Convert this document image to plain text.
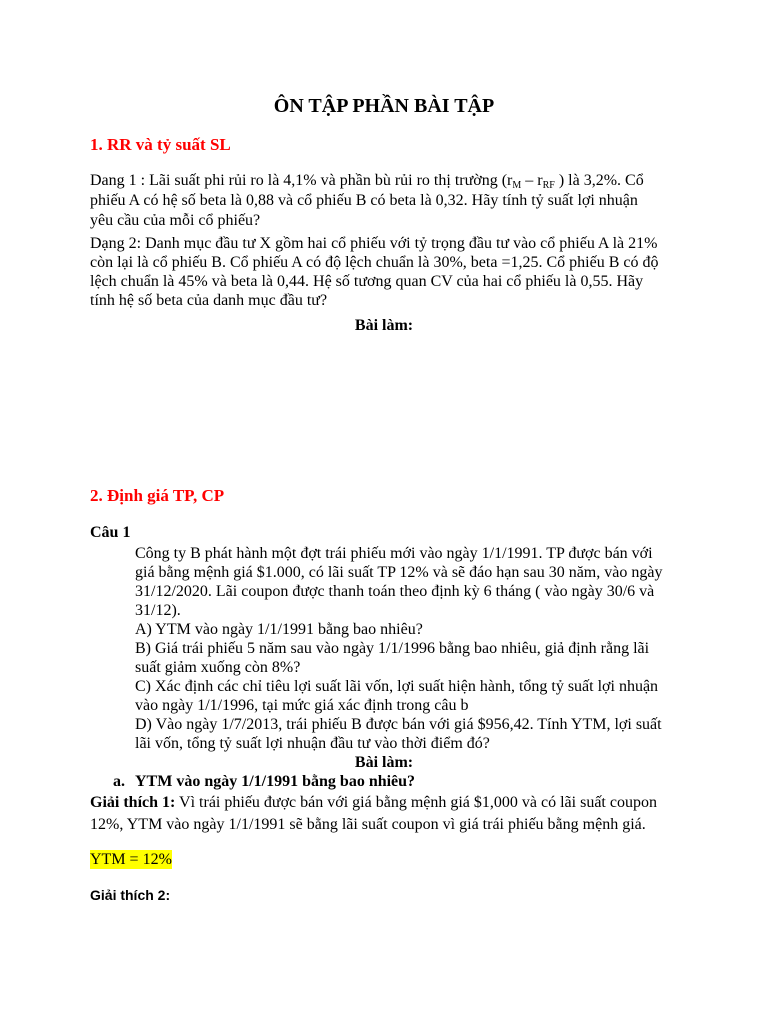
ÔN TẬP PHẦN BÀI TẬP
1. RR và tỷ suất SL
Dang 1 : Lãi suất phi rủi ro là 4,1% và phần bù rủi ro thị trường ($r_M - r_{RF}$ ) là 3,2%. Cổ
phiếu A có hệ số beta là 0,88 và cổ phiếu B có beta là 0,32. Hãy tính tỷ suất lợi nhuận
yêu cầu của mỗi cổ phiếu?
Dạng 2: Danh mục đầu tư X gồm hai cổ phiếu với tỷ trọng đầu tư vào cổ phiếu A là 21%
còn lại là cổ phiếu B. Cổ phiếu A có độ lệch chuẩn là 30%, beta =1,25. Cổ phiếu B có độ
lệch chuẩn là 45% và beta là 0,44. Hệ số tương quan CV của hai cổ phiếu là 0,55. Hãy
tính hệ số beta của danh mục đầu tư?
Bài làm:
2. Định giá TP, CP
Câu 1
Công ty B phát hành một đợt trái phiếu mới vào ngày 1/1/1991. TP được bán với
giá bằng mệnh giá $1.000, có lãi suất TP 12% và sẽ đáo hạn sau 30 năm, vào ngày
31/12/2020. Lãi coupon được thanh toán theo định kỳ 6 tháng ( vào ngày 30/6 và
31/12).
A) YTM vào ngày 1/1/1991 bằng bao nhiêu?
B) Giá trái phiếu 5 năm sau vào ngày 1/1/1996 bằng bao nhiêu, giả định rằng lãi
suất giảm xuống còn 8%?
C) Xác định các chỉ tiêu lợi suất lãi vốn, lợi suất hiện hành, tổng tỷ suất lợi nhuận
vào ngày 1/1/1996, tại mức giá xác định trong câu b
D) Vào ngày 1/7/2013, trái phiếu B được bán với giá $956,42. Tính YTM, lợi suất
lãi vốn, tổng tỷ suất lợi nhuận đầu tư vào thời điểm đó?
Bài làm:
a. YTM vào ngày 1/1/1991 bằng bao nhiêu?
Giải thích 1: Vì trái phiếu được bán với giá bằng mệnh giá $1,000 và có lãi suất coupon
12%, YTM vào ngày 1/1/1991 sẽ bằng lãi suất coupon vì giá trái phiếu bằng mệnh giá.
YTM = 12%
Giải thích 2:
